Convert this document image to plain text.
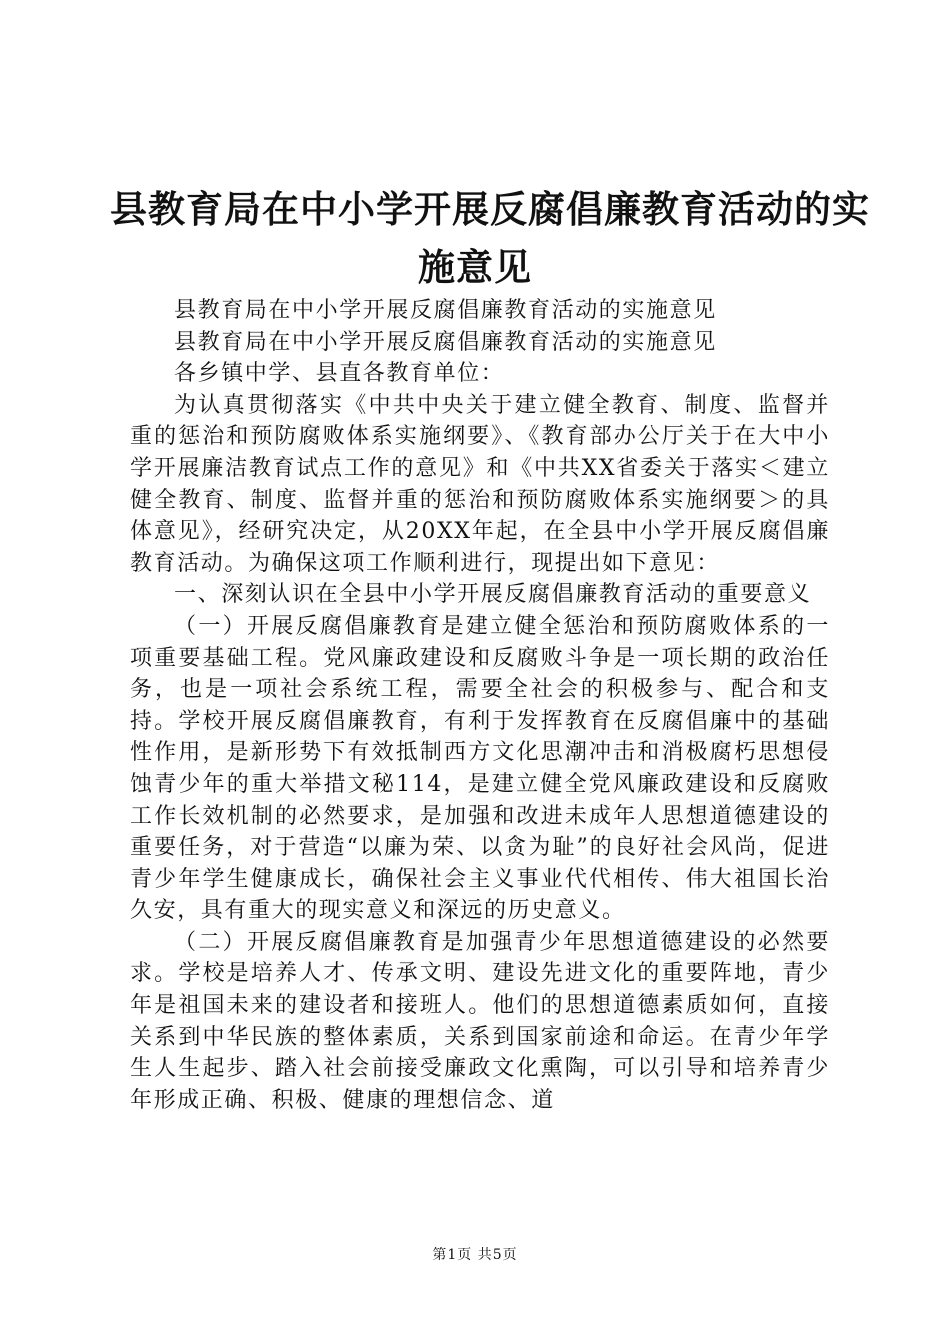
县教育局在中小学开展反腐倡廉教育活动的实
施意见

县教育局在中小学开展反腐倡廉教育活动的实施意见

县教育局在中小学开展反腐倡廉教育活动的实施意见

各乡镇中学、县直各教育单位：

为认真贯彻落实《中共中央关于建立健全教育、制度、监督并重的惩治和预防腐败体系实施纲要》、《教育部办公厅关于在大中小学开展廉洁教育试点工作的意见》和《中共XX省委关于落实＜建立健全教育、制度、监督并重的惩治和预防腐败体系实施纲要＞的具体意见》，经研究决定，从20XX年起，在全县中小学开展反腐倡廉教育活动。为确保这项工作顺利进行，现提出如下意见：

一、深刻认识在全县中小学开展反腐倡廉教育活动的重要意义

（一）开展反腐倡廉教育是建立健全惩治和预防腐败体系的一项重要基础工程。党风廉政建设和反腐败斗争是一项长期的政治任务，也是一项社会系统工程，需要全社会的积极参与、配合和支持。学校开展反腐倡廉教育，有利于发挥教育在反腐倡廉中的基础性作用，是新形势下有效抵制西方文化思潮冲击和消极腐朽思想侵蚀青少年的重大举措文秘114，是建立健全党风廉政建设和反腐败工作长效机制的必然要求，是加强和改进未成年人思想道德建设的重要任务，对于营造“以廉为荣、以贪为耻”的良好社会风尚，促进青少年学生健康成长，确保社会主义事业代代相传、伟大祖国长治久安，具有重大的现实意义和深远的历史意义。

（二）开展反腐倡廉教育是加强青少年思想道德建设的必然要求。学校是培养人才、传承文明、建设先进文化的重要阵地，青少年是祖国未来的建设者和接班人。他们的思想道德素质如何，直接关系到中华民族的整体素质，关系到国家前途和命运。在青少年学生人生起步、踏入社会前接受廉政文化熏陶，可以引导和培养青少年形成正确、积极、健康的理想信念、道

第1页 共5页
